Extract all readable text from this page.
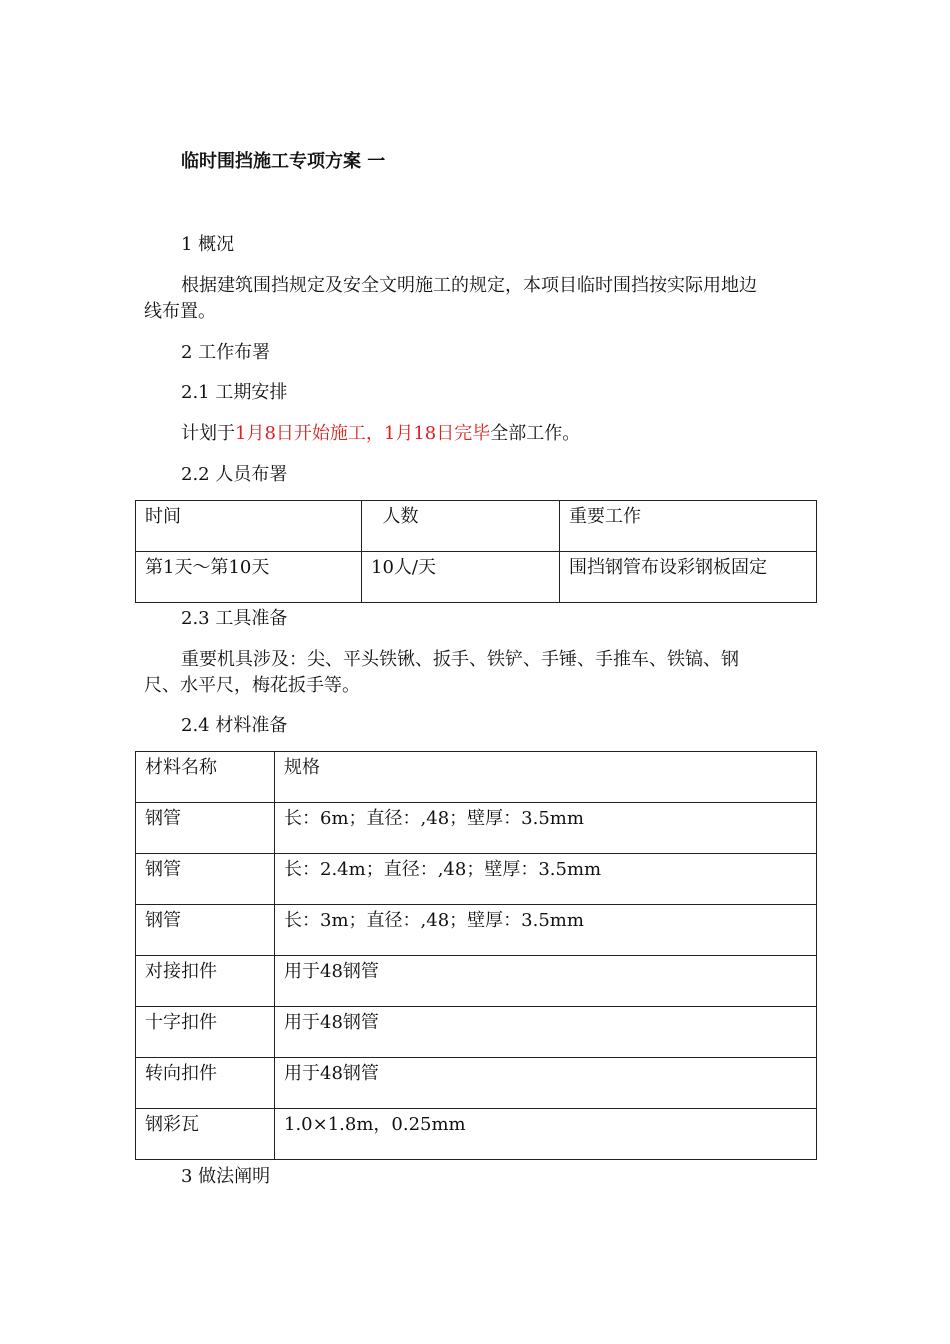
临时围挡施工专项方案 一
1 概况
根据建筑围挡规定及安全文明施工的规定，本项目临时围挡按实际用地边
线布置。
2 工作布署
2.1 工期安排
计划于1月8日开始施工，1月18日完毕全部工作。
2.2 人员布署
时间	人数	重要工作
第1天～第10天	10人/天	围挡钢管布设彩钢板固定
2.3 工具准备
重要机具涉及：尖、平头铁锹、扳手、铁铲、手锤、手推车、铁镐、钢
尺、水平尺，梅花扳手等。
2.4 材料准备
材料名称	规格
钢管	长：6m；直径：,48；壁厚：3.5mm
钢管	长：2.4m；直径：,48；壁厚：3.5mm
钢管	长：3m；直径：,48；壁厚：3.5mm
对接扣件	用于48钢管
十字扣件	用于48钢管
转向扣件	用于48钢管
钢彩瓦	1.0×1.8m，0.25mm
3 做法阐明
